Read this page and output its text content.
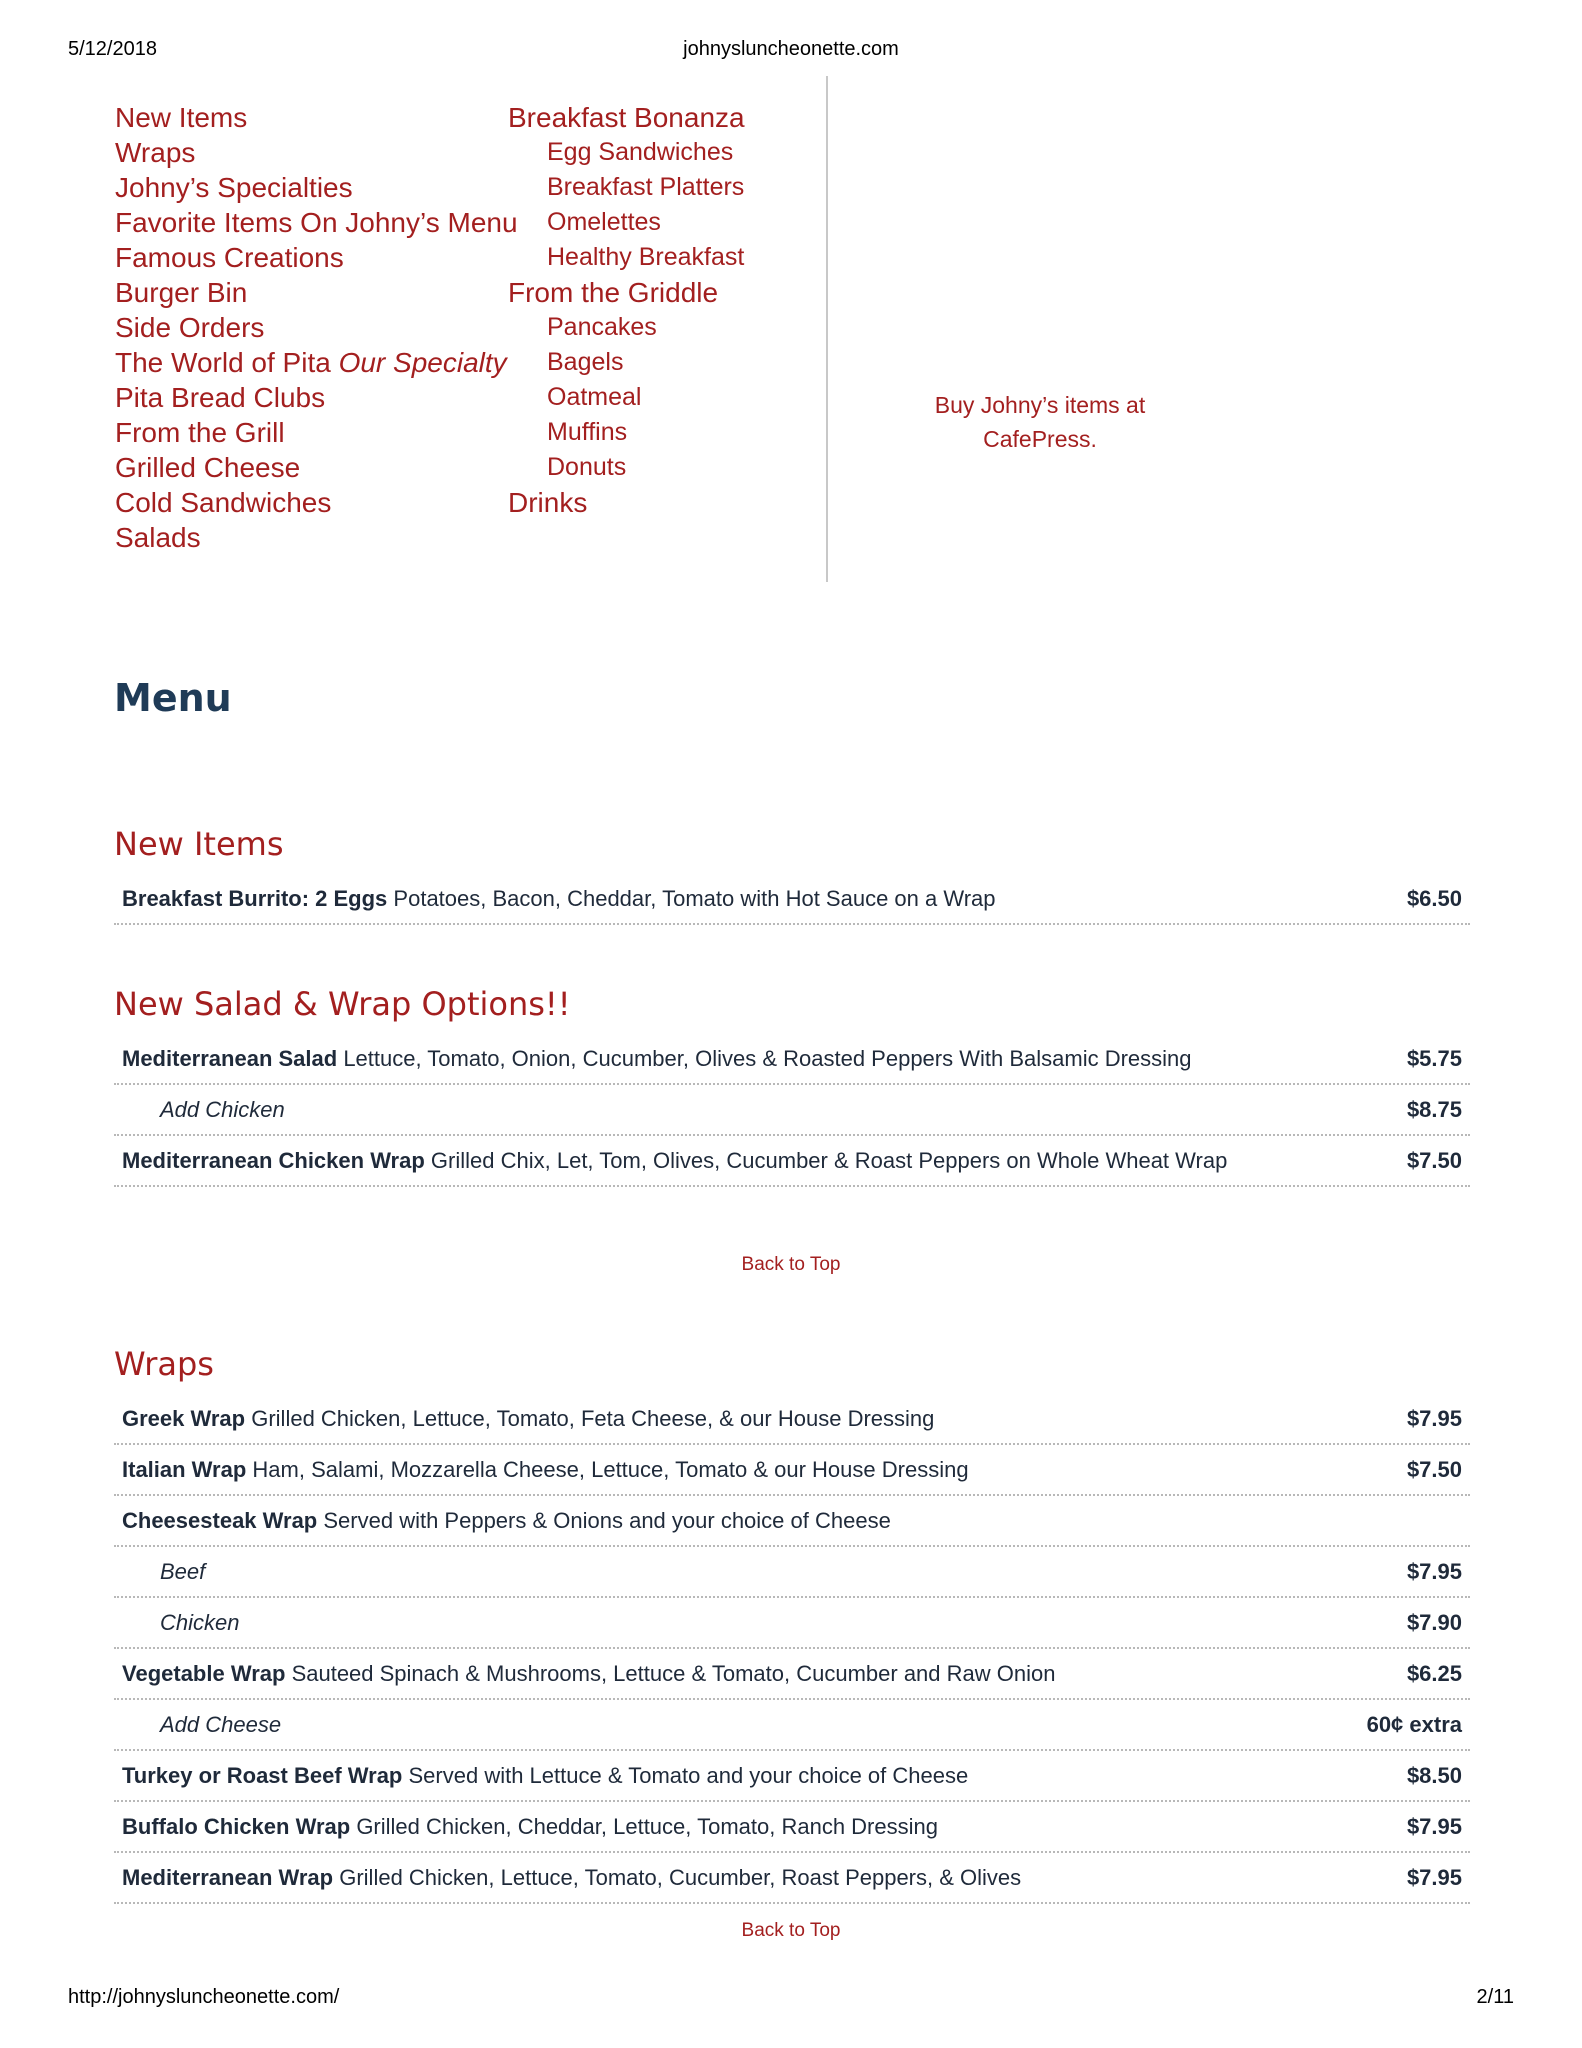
5/12/2018	johnysluncheonette.com
New Items
Wraps
Johny’s Specialties
Favorite Items On Johny’s Menu
Famous Creations
Burger Bin
Side Orders
The World of Pita Our Specialty
Pita Bread Clubs
From the Grill
Grilled Cheese
Cold Sandwiches
Salads
Breakfast Bonanza
Egg Sandwiches
Breakfast Platters
Omelettes
Healthy Breakfast
From the Griddle
Pancakes
Bagels
Oatmeal
Muffins
Donuts
Drinks
Buy Johny’s items at
CafePress.
Menu
New Items
Breakfast Burrito: 2 Eggs Potatoes, Bacon, Cheddar, Tomato with Hot Sauce on a Wrap	$6.50
New Salad & Wrap Options!!
Mediterranean Salad Lettuce, Tomato, Onion, Cucumber, Olives & Roasted Peppers With Balsamic Dressing	$5.75
Add Chicken	$8.75
Mediterranean Chicken Wrap Grilled Chix, Let, Tom, Olives, Cucumber & Roast Peppers on Whole Wheat Wrap	$7.50
Back to Top
Wraps
Greek Wrap Grilled Chicken, Lettuce, Tomato, Feta Cheese, & our House Dressing	$7.95
Italian Wrap Ham, Salami, Mozzarella Cheese, Lettuce, Tomato & our House Dressing	$7.50
Cheesesteak Wrap Served with Peppers & Onions and your choice of Cheese
Beef	$7.95
Chicken	$7.90
Vegetable Wrap Sauteed Spinach & Mushrooms, Lettuce & Tomato, Cucumber and Raw Onion	$6.25
Add Cheese	60¢ extra
Turkey or Roast Beef Wrap Served with Lettuce & Tomato and your choice of Cheese	$8.50
Buffalo Chicken Wrap Grilled Chicken, Cheddar, Lettuce, Tomato, Ranch Dressing	$7.95
Mediterranean Wrap Grilled Chicken, Lettuce, Tomato, Cucumber, Roast Peppers, & Olives	$7.95
Back to Top
http://johnysluncheonette.com/	2/11
